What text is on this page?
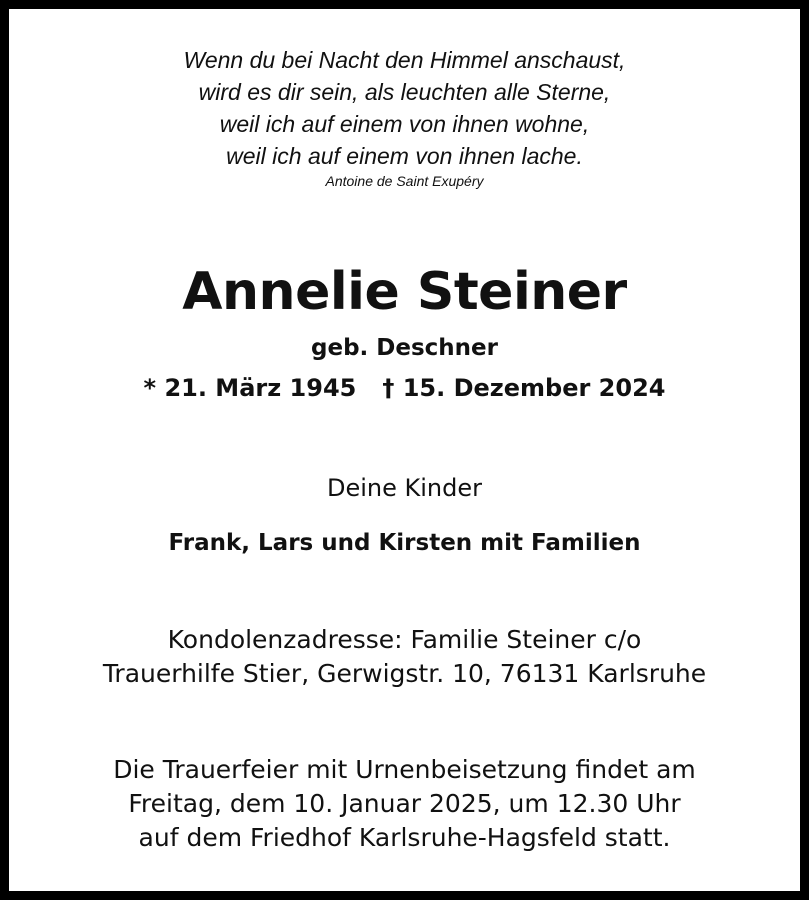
Wenn du bei Nacht den Himmel anschaust,
wird es dir sein, als leuchten alle Sterne,
weil ich auf einem von ihnen wohne,
weil ich auf einem von ihnen lache.
Antoine de Saint Exupéry
Annelie Steiner
geb. Deschner
* 21. März 1945 † 15. Dezember 2024
Deine Kinder
Frank, Lars und Kirsten mit Familien
Kondolenzadresse: Familie Steiner c/o
Trauerhilfe Stier, Gerwigstr. 10, 76131 Karlsruhe
Die Trauerfeier mit Urnenbeisetzung findet am
Freitag, dem 10. Januar 2025, um 12.30 Uhr
auf dem Friedhof Karlsruhe-Hagsfeld statt.
